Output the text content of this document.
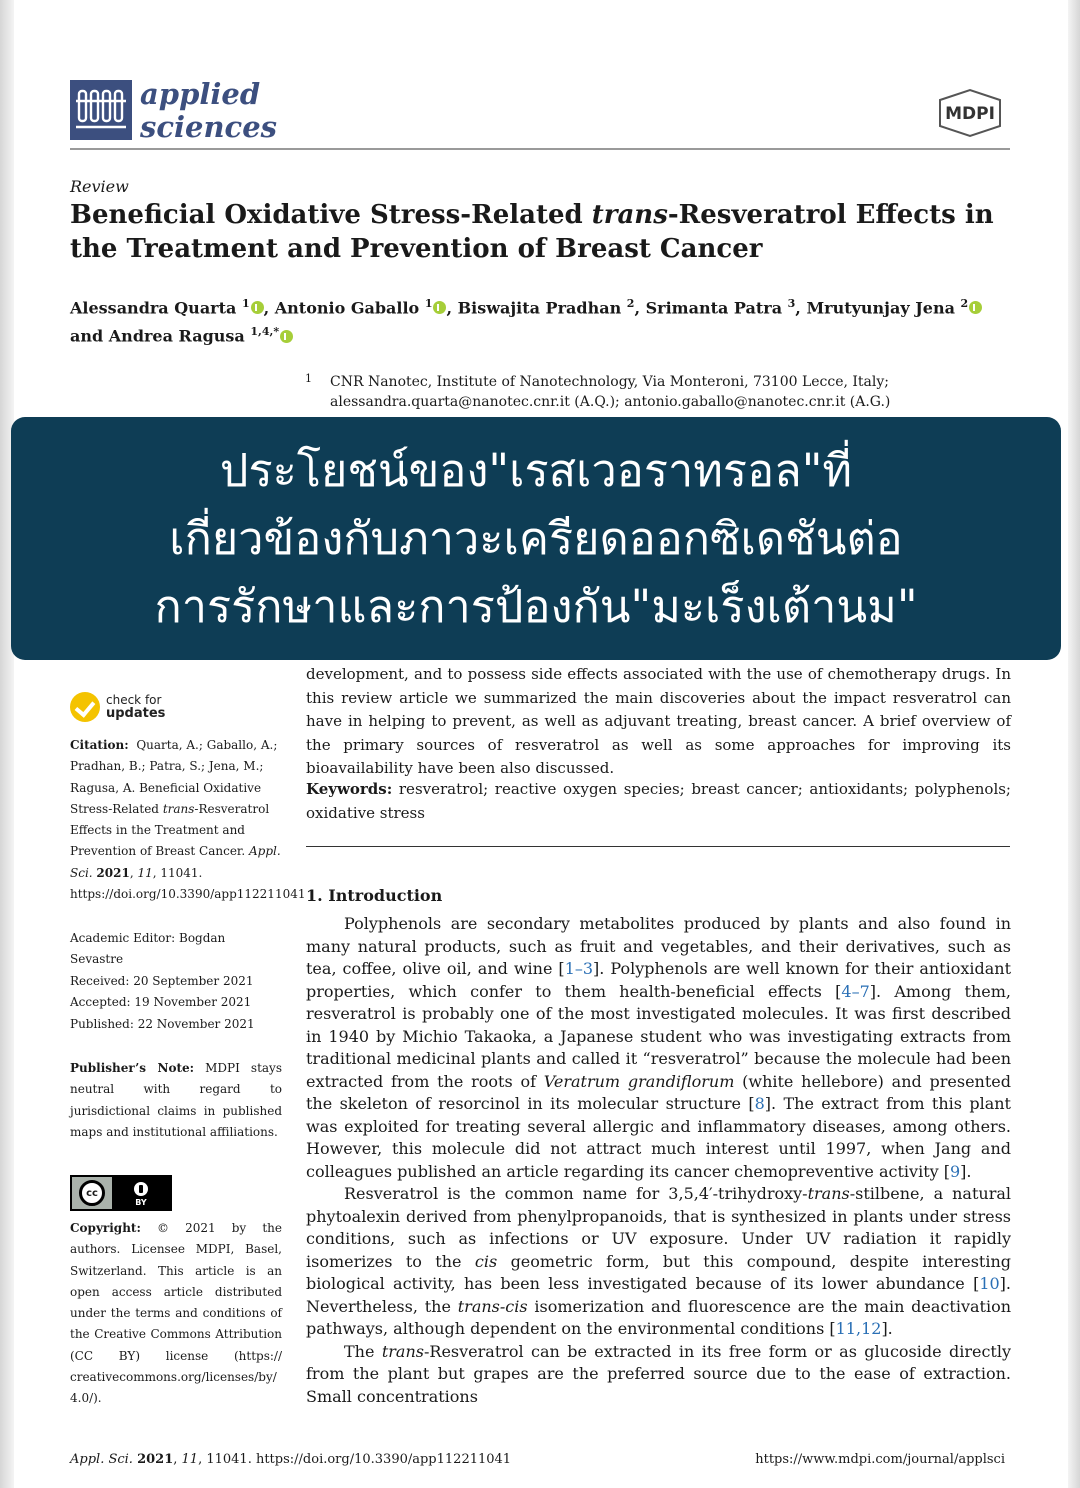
applied
sciences	MDPI
Review
Beneficial Oxidative Stress-Related trans-Resveratrol Effects in the Treatment and Prevention of Breast Cancer
Alessandra Quarta $^1$ , Antonio Gaballo $^1$ , Biswajita Pradhan $^2$, Srimanta Patra $^3$, Mrutyunjay Jena $^2$
and Andrea Ragusa $^{1,4,*}$
1 CNR Nanotec, Institute of Nanotechnology, Via Monteroni, 73100 Lecce, Italy;
alessandra.quarta@nanotec.cnr.it (A.Q.); antonio.gaballo@nanotec.cnr.it (A.G.)
ประโยชน์ของ"เรสเวอราทรอล"ที่
เกี่ยวข้องกับภาวะเครียดออกซิเดชันต่อ
การรักษาและการป้องกัน"มะเร็งเต้านม"
development, and to possess side effects associated with the use of chemotherapy drugs. In this review article we summarized the main discoveries about the impact resveratrol can have in helping to prevent, as well as adjuvant treating, breast cancer. A brief overview of the primary sources of resveratrol as well as some approaches for improving its bioavailability have been also discussed.
Keywords: resveratrol; reactive oxygen species; breast cancer; antioxidants; polyphenols; oxidative stress
check for
updates
Citation: Quarta, A.; Gaballo, A.; Pradhan, B.; Patra, S.; Jena, M.; Ragusa, A. Beneficial Oxidative Stress-Related trans-Resveratrol Effects in the Treatment and Prevention of Breast Cancer. Appl. Sci. 2021, 11, 11041. https://doi.org/10.3390/app112211041
Academic Editor: Bogdan Sevastre
Received: 20 September 2021
Accepted: 19 November 2021
Published: 22 November 2021
Publisher’s Note: MDPI stays neutral with regard to jurisdictional claims in published maps and institutional affiliations.
cc
BY
Copyright: © 2021 by the authors. Licensee MDPI, Basel, Switzerland. This article is an open access article distributed under the terms and conditions of the Creative Commons Attribution (CC BY) license (https:// creativecommons.org/licenses/by/ 4.0/).
1. Introduction

Polyphenols are secondary metabolites produced by plants and also found in many natural products, such as fruit and vegetables, and their derivatives, such as tea, coffee, olive oil, and wine [1–3]. Polyphenols are well known for their antioxidant properties, which confer to them health-beneficial effects [4–7]. Among them, resveratrol is probably one of the most investigated molecules. It was first described in 1940 by Michio Takaoka, a Japanese student who was investigating extracts from traditional medicinal plants and called it “resveratrol” because the molecule had been extracted from the roots of Veratrum grandiflorum (white hellebore) and presented the skeleton of resorcinol in its molecular structure [8]. The extract from this plant was exploited for treating several allergic and inflammatory diseases, among others. However, this molecule did not attract much interest until 1997, when Jang and colleagues published an article regarding its cancer chemopreventive activity [9].

Resveratrol is the common name for 3,5,4′-trihydroxy-trans-stilbene, a natural phytoalexin derived from phenylpropanoids, that is synthesized in plants under stress conditions, such as infections or UV exposure. Under UV radiation it rapidly isomerizes to the cis geometric form, but this compound, despite interesting biological activity, has been less investigated because of its lower abundance [10]. Nevertheless, the trans-cis isomerization and fluorescence are the main deactivation pathways, although dependent on the environmental conditions [11,12].

The trans-Resveratrol can be extracted in its free form or as glucoside directly from the plant but grapes are the preferred source due to the ease of extraction. Small concentrations

Appl. Sci. 2021, 11, 11041. https://doi.org/10.3390/app112211041	https://www.mdpi.com/journal/applsci
